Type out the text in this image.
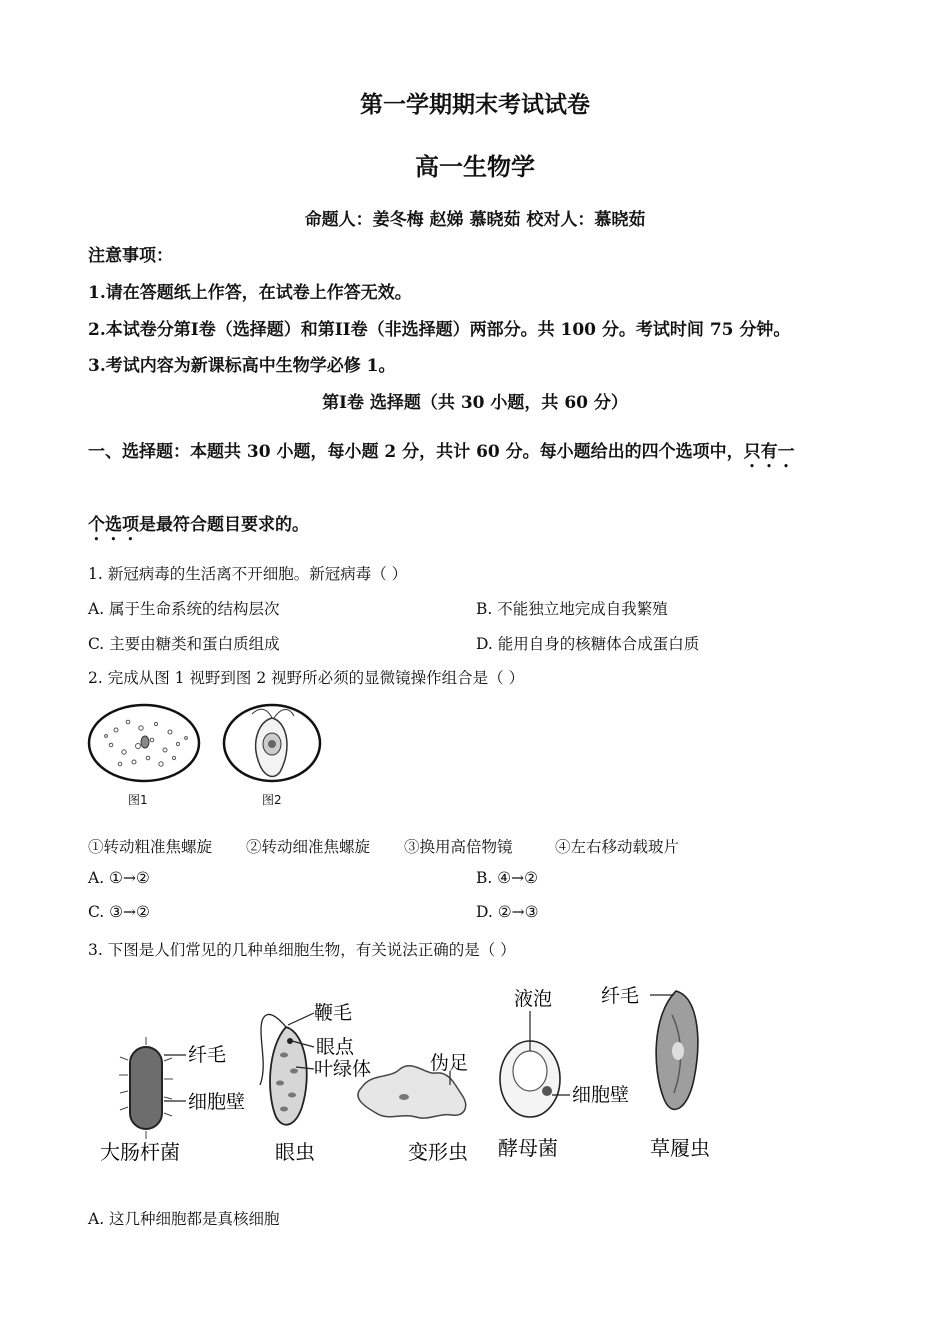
第一学期期末考试试卷
高一生物学
命题人：姜冬梅 赵娣 慕晓茹 校对人：慕晓茹
注意事项：
1.请在答题纸上作答，在试卷上作答无效。
2.本试卷分第I卷（选择题）和第II卷（非选择题）两部分。共 100 分。考试时间 75 分钟。
3.考试内容为新课标高中生物学必修 1。
第I卷 选择题（共 30 小题，共 60 分）
一、选择题：本题共 30 小题，每小题 2 分，共计 60 分。每小题给出的四个选项中，只有一
个选项是最符合题目要求的。
1. 新冠病毒的生活离不开细胞。新冠病毒（ ）
A. 属于生命系统的结构层次	B. 不能独立地完成自我繁殖
C. 主要由糖类和蛋白质组成	D. 能用自身的核糖体合成蛋白质
2. 完成从图 1 视野到图 2 视野所必须的显微镜操作组合是（ ）
图1	图2
①转动粗准焦螺旋 ②转动细准焦螺旋 ③换用高倍物镜	④左右移动载玻片
A. ①→②	B. ④→②
C. ③→②	D. ②→③
3. 下图是人们常见的几种单细胞生物，有关说法正确的是（ ）
纤毛
细胞壁
大肠杆菌
鞭毛
眼点
叶绿体
眼虫
伪足
变形虫
液泡
细胞壁
酵母菌
纤毛
草履虫
A. 这几种细胞都是真核细胞
